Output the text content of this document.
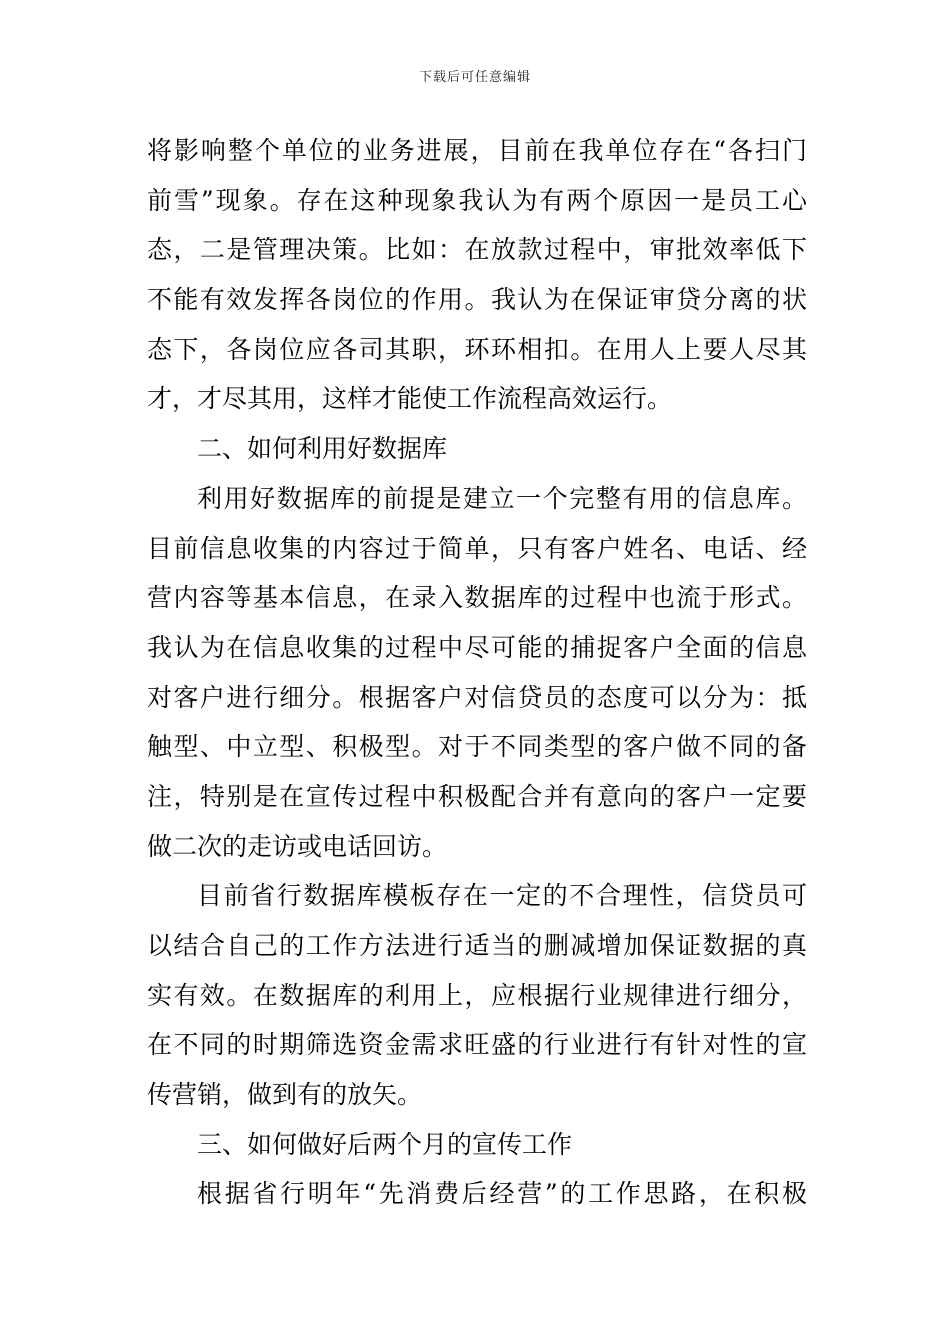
下载后可任意编辑
将影响整个单位的业务进展，目前在我单位存在“各扫门
前雪”现象。存在这种现象我认为有两个原因一是员工心
态，二是管理决策。比如：在放款过程中，审批效率低下
不能有效发挥各岗位的作用。我认为在保证审贷分离的状
态下，各岗位应各司其职，环环相扣。在用人上要人尽其
才，才尽其用，这样才能使工作流程高效运行。
二、如何利用好数据库
利用好数据库的前提是建立一个完整有用的信息库。
目前信息收集的内容过于简单，只有客户姓名、电话、经
营内容等基本信息，在录入数据库的过程中也流于形式。
我认为在信息收集的过程中尽可能的捕捉客户全面的信息
对客户进行细分。根据客户对信贷员的态度可以分为：抵
触型、中立型、积极型。对于不同类型的客户做不同的备
注，特别是在宣传过程中积极配合并有意向的客户一定要
做二次的走访或电话回访。
目前省行数据库模板存在一定的不合理性，信贷员可
以结合自己的工作方法进行适当的删减增加保证数据的真
实有效。在数据库的利用上，应根据行业规律进行细分，
在不同的时期筛选资金需求旺盛的行业进行有针对性的宣
传营销，做到有的放矢。
三、如何做好后两个月的宣传工作
根据省行明年“先消费后经营”的工作思路，在积极
